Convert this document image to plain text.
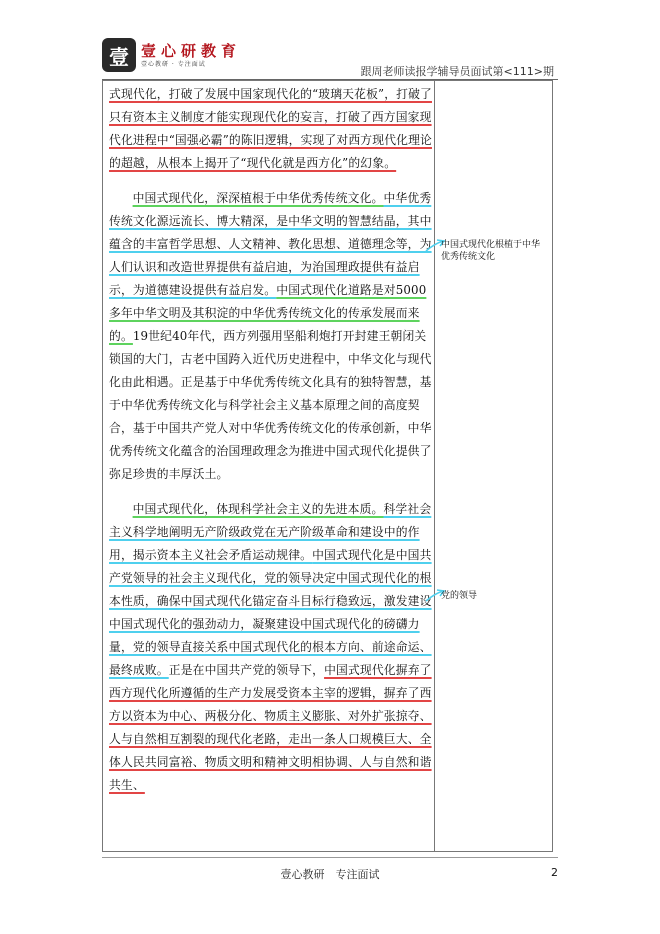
壹 壹心研教育
壹心教研 · 专注面试
跟周老师读报学辅导员面试第<111>期

式现代化，打破了发展中国家现代化的“玻璃天花板”，打破了只有资本主义制度才能实现现代化的妄言，打破了西方国家现代化进程中“国强必霸”的陈旧逻辑，实现了对西方现代化理论的超越，从根本上揭开了“现代化就是西方化”的幻象。

中国式现代化，深深植根于中华优秀传统文化。中华优秀传统文化源远流长、博大精深，是中华文明的智慧结晶，其中蕴含的丰富哲学思想、人文精神、教化思想、道德理念等，为人们认识和改造世界提供有益启迪，为治国理政提供有益启示，为道德建设提供有益启发。中国式现代化道路是对5000多年中华文明及其积淀的中华优秀传统文化的传承发展而来的。19世纪40年代，西方列强用坚船利炮打开封建王朝闭关锁国的大门，古老中国跨入近代历史进程中，中华文化与现代化由此相遇。正是基于中华优秀传统文化具有的独特智慧，基于中华优秀传统文化与科学社会主义基本原理之间的高度契合，基于中国共产党人对中华优秀传统文化的传承创新，中华优秀传统文化蕴含的治国理政理念为推进中国式现代化提供了弥足珍贵的丰厚沃土。

中国式现代化，体现科学社会主义的先进本质。科学社会主义科学地阐明无产阶级政党在无产阶级革命和建设中的作用，揭示资本主义社会矛盾运动规律。中国式现代化是中国共产党领导的社会主义现代化，党的领导决定中国式现代化的根本性质，确保中国式现代化锚定奋斗目标行稳致远，激发建设中国式现代化的强劲动力，凝聚建设中国式现代化的磅礴力量，党的领导直接关系中国式现代化的根本方向、前途命运、最终成败。正是在中国共产党的领导下，中国式现代化摒弃了西方现代化所遵循的生产力发展受资本主宰的逻辑，摒弃了西方以资本为中心、两极分化、物质主义膨胀、对外扩张掠夺、人与自然相互割裂的现代化老路，走出一条人口规模巨大、全体人民共同富裕、物质文明和精神文明相协调、人与自然和谐共生、

中国式现代化根植于中华优秀传统文化
党的领导
壹心教研　专注面试	2
